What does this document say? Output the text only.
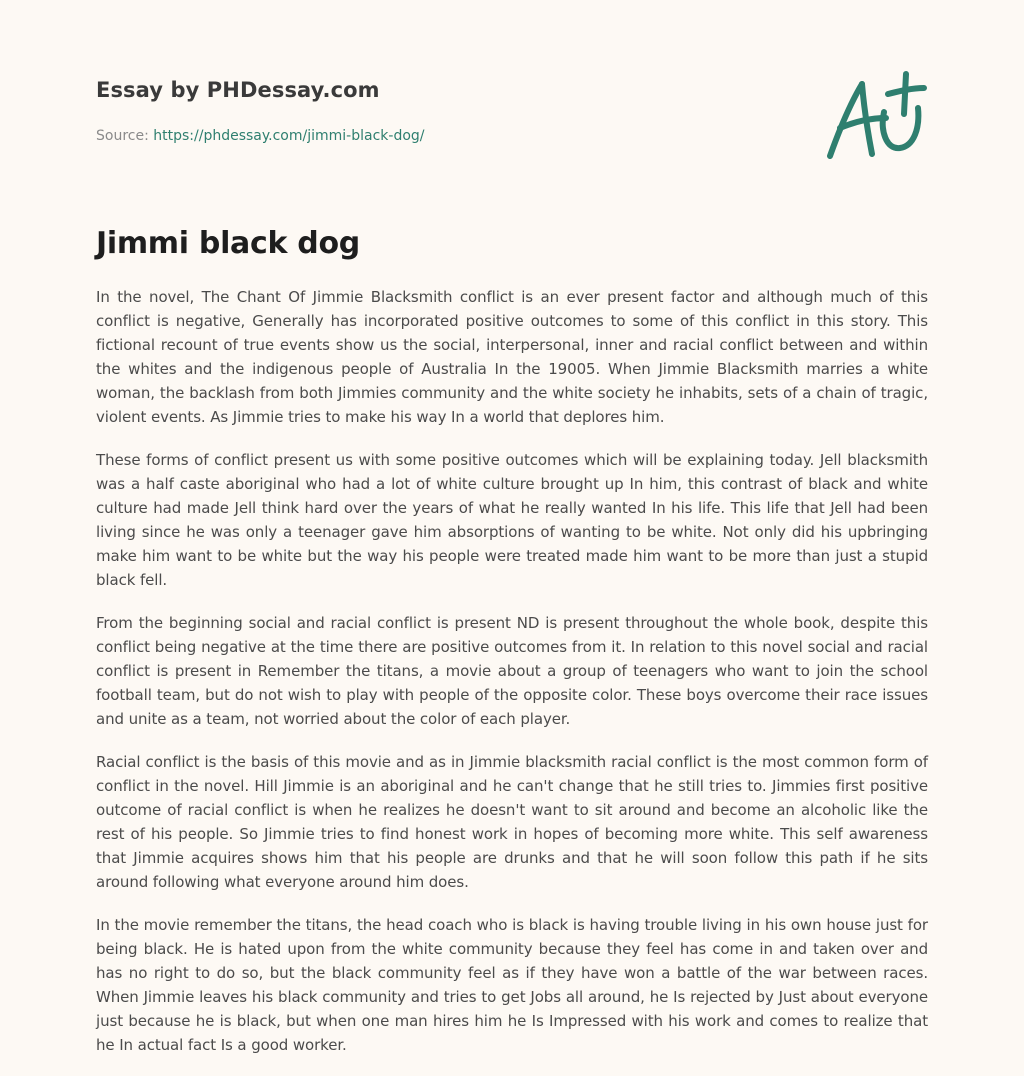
Essay by PHDessay.com
Source: https://phdessay.com/jimmi-black-dog/
Jimmi black dog

In the novel, The Chant Of Jimmie Blacksmith conflict is an ever present factor and although much of this conflict is negative, Generally has incorporated positive outcomes to some of this conflict in this story. This fictional recount of true events show us the social, interpersonal, inner and racial conflict between and within the whites and the indigenous people of Australia In the 19005. When Jimmie Blacksmith marries a white woman, the backlash from both Jimmies community and the white society he inhabits, sets of a chain of tragic, violent events. As Jimmie tries to make his way In a world that deplores him.

These forms of conflict present us with some positive outcomes which will be explaining today. Jell blacksmith was a half caste aboriginal who had a lot of white culture brought up In him, this contrast of black and white culture had made Jell think hard over the years of what he really wanted In his life. This life that Jell had been living since he was only a teenager gave him absorptions of wanting to be white. Not only did his upbringing make him want to be white but the way his people were treated made him want to be more than just a stupid black fell.

From the beginning social and racial conflict is present ND is present throughout the whole book, despite this conflict being negative at the time there are positive outcomes from it. In relation to this novel social and racial conflict is present in Remember the titans, a movie about a group of teenagers who want to join the school football team, but do not wish to play with people of the opposite color. These boys overcome their race issues and unite as a team, not worried about the color of each player.

Racial conflict is the basis of this movie and as in Jimmie blacksmith racial conflict is the most common form of conflict in the novel. Hill Jimmie is an aboriginal and he can't change that he still tries to. Jimmies first positive outcome of racial conflict is when he realizes he doesn't want to sit around and become an alcoholic like the rest of his people. So Jimmie tries to find honest work in hopes of becoming more white. This self awareness that Jimmie acquires shows him that his people are drunks and that he will soon follow this path if he sits around following what everyone around him does.

In the movie remember the titans, the head coach who is black is having trouble living in his own house just for being black. He is hated upon from the white community because they feel has come in and taken over and has no right to do so, but the black community feel as if they have won a battle of the war between races. When Jimmie leaves his black community and tries to get Jobs all around, he Is rejected by Just about everyone just because he is black, but when one man hires him he Is Impressed with his work and comes to realize that he In actual fact Is a good worker.
